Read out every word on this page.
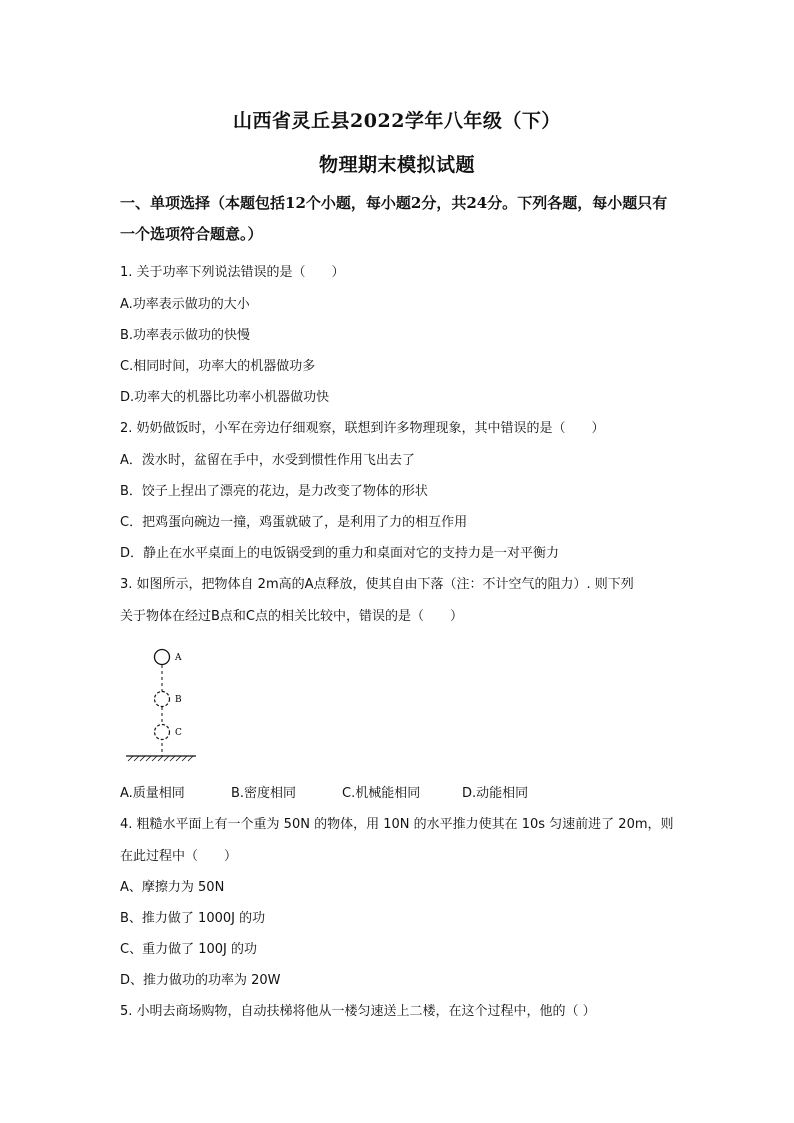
山西省灵丘县2022学年八年级（下）
物理期末模拟试题
一、单项选择（本题包括12个小题，每小题2分，共24分。下列各题，每小题只有一个选项符合题意。）
1. 关于功率下列说法错误的是（　　）
A.功率表示做功的大小
B.功率表示做功的快慢
C.相同时间，功率大的机器做功多
D.功率大的机器比功率小机器做功快
2. 奶奶做饭时，小军在旁边仔细观察，联想到许多物理现象，其中错误的是（　　）
A．泼水时，盆留在手中，水受到惯性作用飞出去了
B．饺子上捏出了漂亮的花边，是力改变了物体的形状
C．把鸡蛋向碗边一撞，鸡蛋就破了，是利用了力的相互作用
D．静止在水平桌面上的电饭锅受到的重力和桌面对它的支持力是一对平衡力
3. 如图所示，把物体自 2m高的A点释放，使其自由下落（注：不计空气的阻力）. 则下列
关于物体在经过B点和C点的相关比较中，错误的是（　　）
A
B
C
A.质量相同	B.密度相同	C.机械能相同	D.动能相同
4. 粗糙水平面上有一个重为 50N 的物体，用 10N 的水平推力使其在 10s 匀速前进了 20m，则
在此过程中（　　）
A、摩擦力为 50N
B、推力做了 1000J 的功
C、重力做了 100J 的功
D、推力做功的功率为 20W
5. 小明去商场购物，自动扶梯将他从一楼匀速送上二楼，在这个过程中，他的（ ）
